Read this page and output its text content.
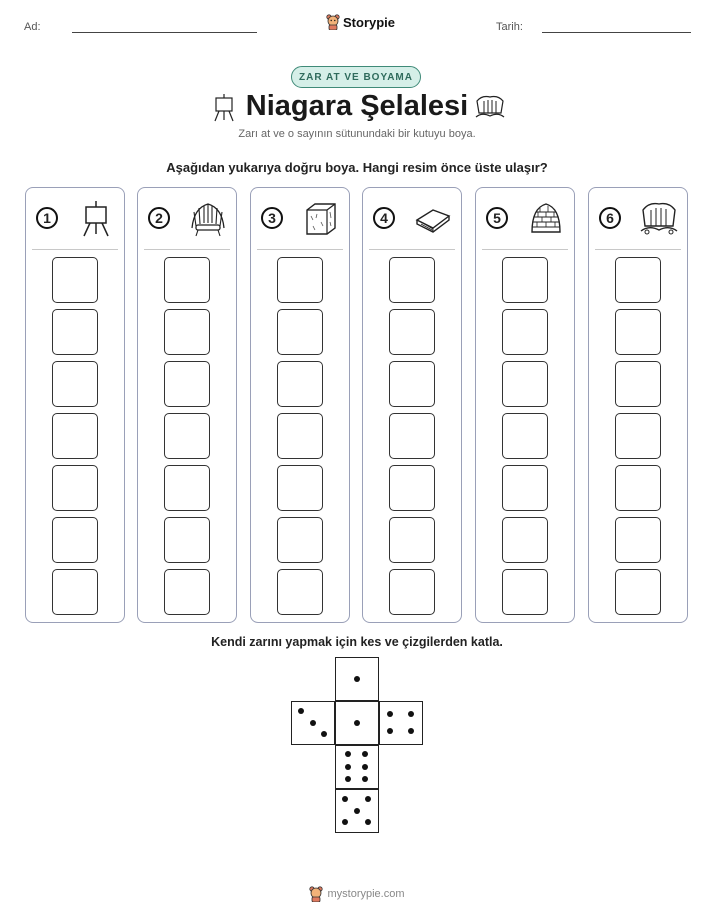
Ad:	Storypie	Tarih:
ZAR AT VE BOYAMA
Niagara Şelalesi
Zarı at ve o sayının sütunundaki bir kutuyu boya.
Aşağıdan yukarıya doğru boya. Hangi resim önce üste ulaşır?
1	2	3	4	5	6
Kendi zarını yapmak için kes ve çizgilerden katla.
mystorypie.com
